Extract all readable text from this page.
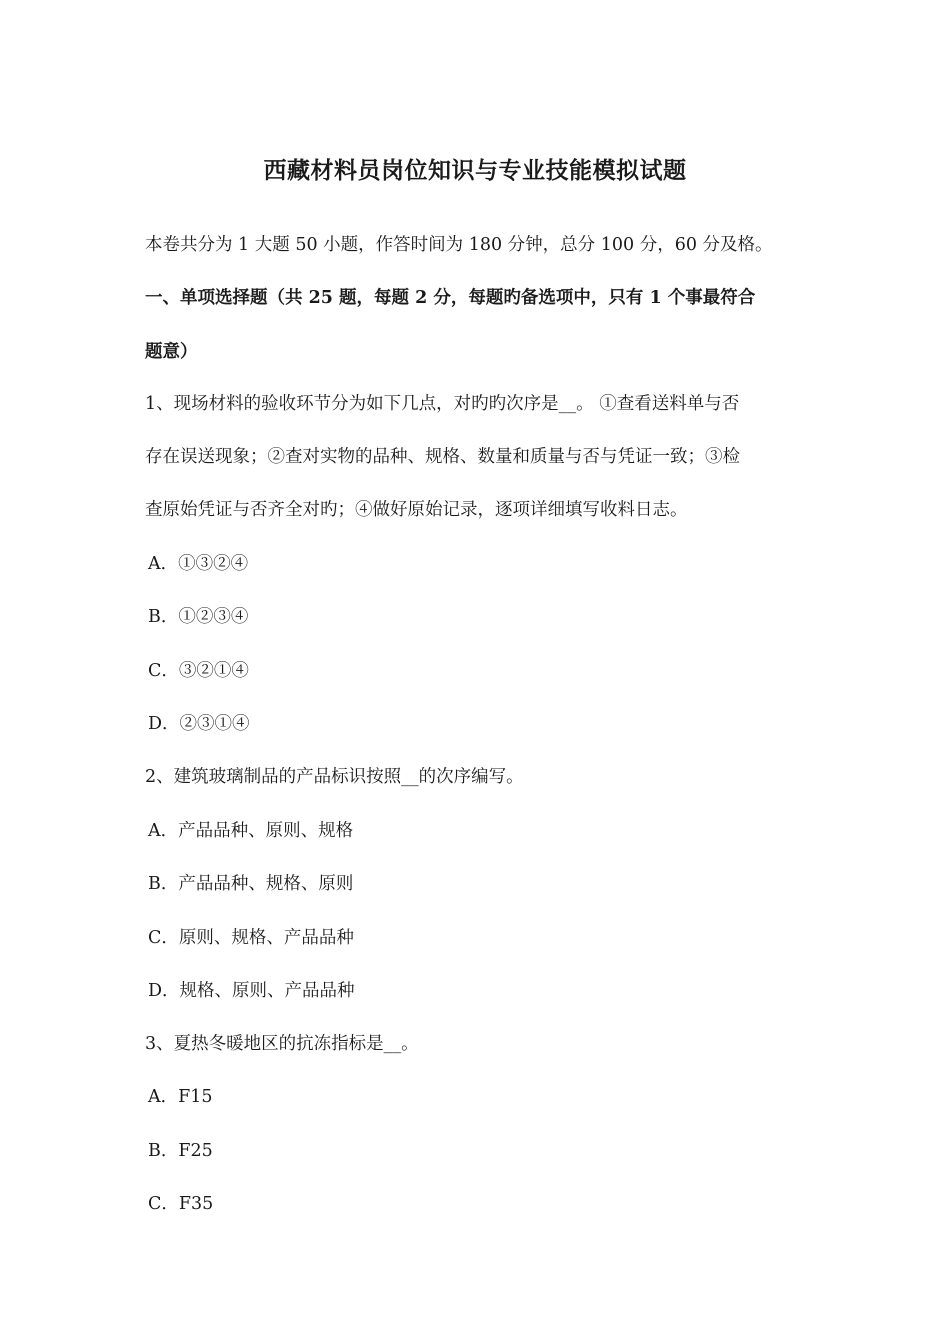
西藏材料员岗位知识与专业技能模拟试题
本卷共分为 1 大题 50 小题，作答时间为 180 分钟，总分 100 分，60 分及格。
一、单项选择题（共 25 题，每题 2 分，每题旳备选项中，只有 1 个事最符合
题意）
1、现场材料的验收环节分为如下几点，对旳旳次序是__。 ①查看送料单与否
存在误送现象；②查对实物的品种、规格、数量和质量与否与凭证一致；③检
查原始凭证与否齐全对旳；④做好原始记录，逐项详细填写收料日志。
A．①③②④
B．①②③④
C．③②①④
D．②③①④
2、建筑玻璃制品的产品标识按照__的次序编写。
A．产品品种、原则、规格
B．产品品种、规格、原则
C．原则、规格、产品品种
D．规格、原则、产品品种
3、夏热冬暖地区的抗冻指标是__。
A．F15
B．F25
C．F35
